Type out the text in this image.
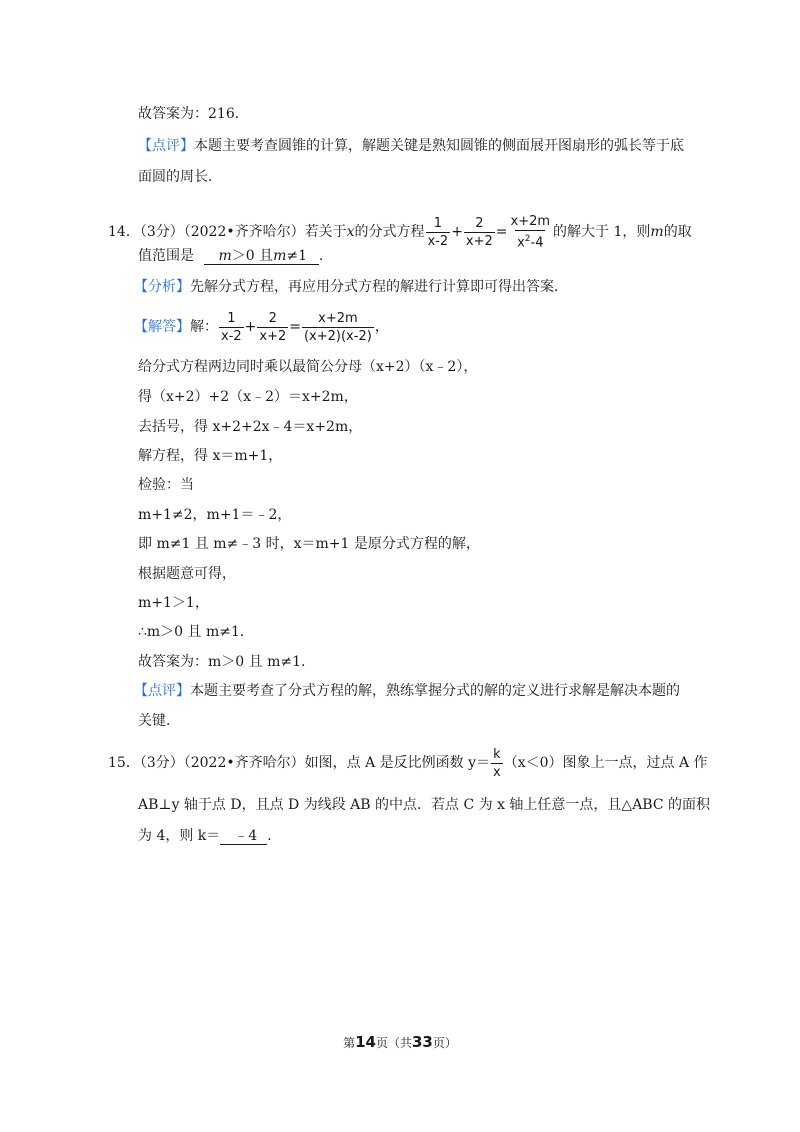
故答案为：216．
【点评】本题主要考查圆锥的计算，解题关键是熟知圆锥的侧面展开图扇形的弧长等于底
面圆的周长．
14．（3分）（2022•齐齐哈尔）若关于x的分式方程 $\frac{1}{x-2} + \frac{2}{x+2} = \frac{x+2m}{x^2-4}$ 的解大于 1，则m的取
值范围是 m＞0 且m≠1 ．
【分析】先解分式方程，再应用分式方程的解进行计算即可得出答案．
【解答】解： $\frac{1}{x-2} + \frac{2}{x+2} = \frac{x+2m}{(x+2)(x-2)}$ ，
给分式方程两边同时乘以最简公分母（x+2）（x﹣2），
得（x+2）+2（x﹣2）＝x+2m，
去括号，得 x+2+2x﹣4＝x+2m，
解方程，得 x＝m+1，
检验：当
m+1≠2，m+1＝﹣2，
即 m≠1 且 m≠﹣3 时，x＝m+1 是原分式方程的解，
根据题意可得，
m+1＞1，
∴m＞0 且 m≠1．
故答案为：m＞0 且 m≠1．
【点评】本题主要考查了分式方程的解，熟练掌握分式的解的定义进行求解是解决本题的
关键．
15．（3分）（2022•齐齐哈尔）如图，点 A 是反比例函数 $y= \frac{k}{x} (x<0)$图象上一点，过点 A 作
AB⊥y 轴于点 D，且点 D 为线段 AB 的中点．若点 C 为 x 轴上任意一点，且△ABC 的面积
为 4，则 k＝ ﹣4 ．
第14页（共33页）
